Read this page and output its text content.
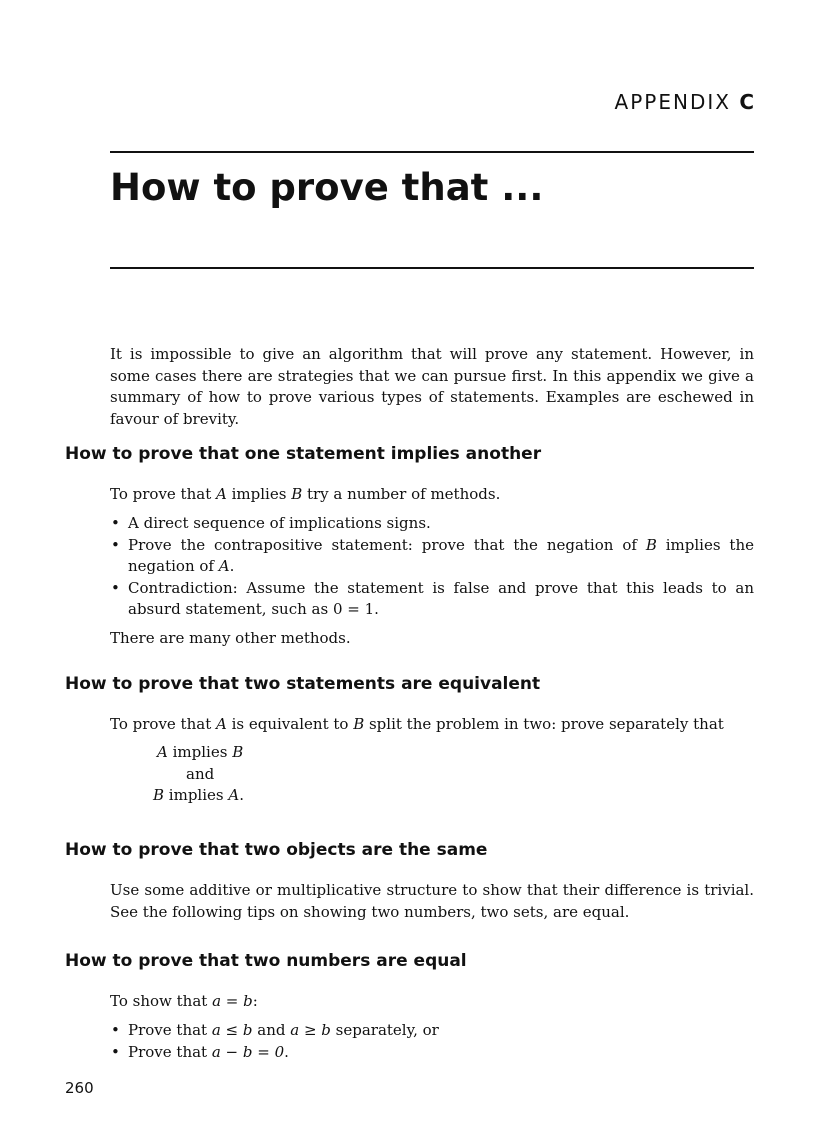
APPENDIX C
How to prove that ...

It is impossible to give an algorithm that will prove any statement. However, in some cases there are strategies that we can pursue first. In this appendix we give a summary of how to prove various types of statements. Examples are eschewed in favour of brevity.

How to prove that one statement implies another

To prove that A implies B try a number of methods.

• A direct sequence of implications signs.
• Prove the contrapositive statement: prove that the negation of B implies the negation of A.
• Contradiction: Assume the statement is false and prove that this leads to an absurd statement, such as 0 = 1.

There are many other methods.

How to prove that two statements are equivalent

To prove that A is equivalent to B split the problem in two: prove separately that

A implies B
and
B implies A.
How to prove that two objects are the same

Use some additive or multiplicative structure to show that their difference is trivial. See the following tips on showing two numbers, two sets, are equal.

How to prove that two numbers are equal

To show that a = b:

• Prove that a ≤ b and a ≥ b separately, or
• Prove that a − b = 0.
260
